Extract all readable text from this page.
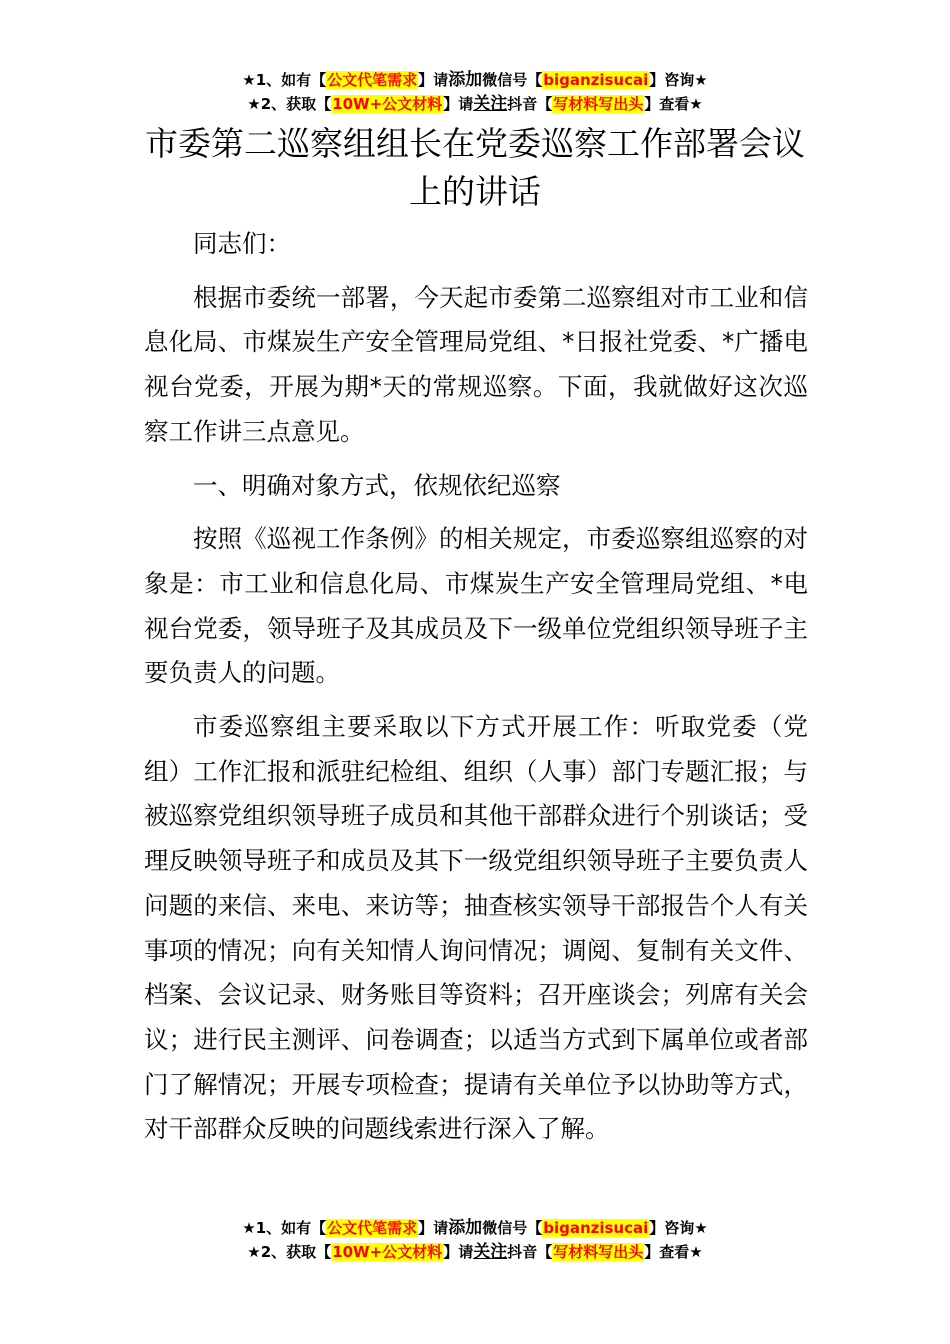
★1、如有【公文代笔需求】请添加微信号【biganzisucai】咨询★
★2、获取【10W+公文材料】请关注抖音【写材料写出头】查看★
市委第二巡察组组长在党委巡察工作部署会议上的讲话

同志们：

根据市委统一部署，今天起市委第二巡察组对市工业和信息化局、市煤炭生产安全管理局党组、*日报社党委、*广播电视台党委，开展为期*天的常规巡察。下面，我就做好这次巡察工作讲三点意见。

一、明确对象方式，依规依纪巡察

按照《巡视工作条例》的相关规定，市委巡察组巡察的对象是：市工业和信息化局、市煤炭生产安全管理局党组、*电视台党委，领导班子及其成员及下一级单位党组织领导班子主要负责人的问题。

市委巡察组主要采取以下方式开展工作：听取党委（党组）工作汇报和派驻纪检组、组织（人事）部门专题汇报；与被巡察党组织领导班子成员和其他干部群众进行个别谈话；受理反映领导班子和成员及其下一级党组织领导班子主要负责人问题的来信、来电、来访等；抽查核实领导干部报告个人有关事项的情况；向有关知情人询问情况；调阅、复制有关文件、档案、会议记录、财务账目等资料；召开座谈会；列席有关会议；进行民主测评、问卷调查；以适当方式到下属单位或者部门了解情况；开展专项检查；提请有关单位予以协助等方式，对干部群众反映的问题线索进行深入了解。

★1、如有【公文代笔需求】请添加微信号【biganzisucai】咨询★
★2、获取【10W+公文材料】请关注抖音【写材料写出头】查看★
